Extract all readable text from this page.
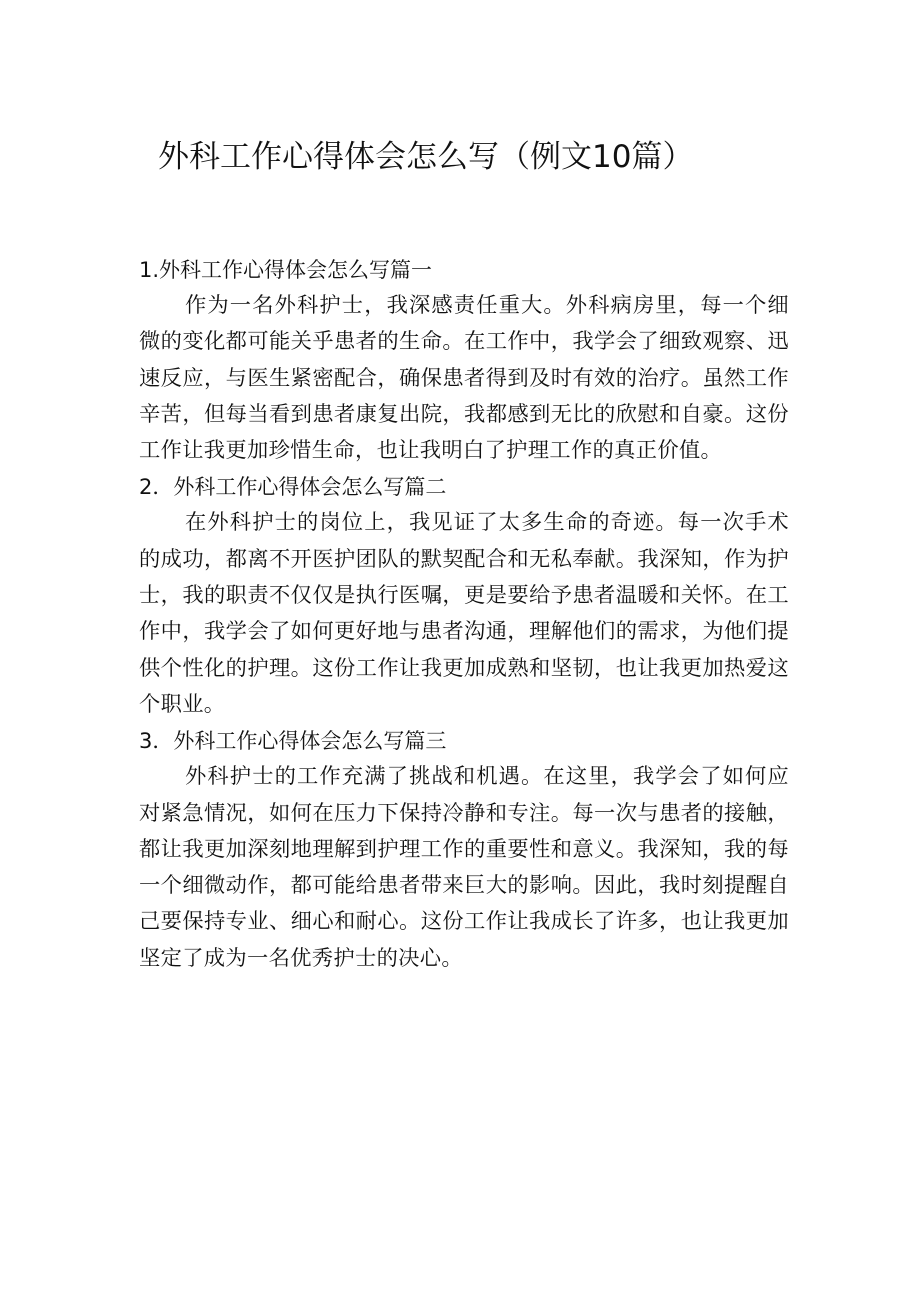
外科工作心得体会怎么写（例文10篇）

1.外科工作心得体会怎么写篇一

作为一名外科护士，我深感责任重大。外科病房里，每一个细微的变化都可能关乎患者的生命。在工作中，我学会了细致观察、迅速反应，与医生紧密配合，确保患者得到及时有效的治疗。虽然工作辛苦，但每当看到患者康复出院，我都感到无比的欣慰和自豪。这份工作让我更加珍惜生命，也让我明白了护理工作的真正价值。

2．外科工作心得体会怎么写篇二

在外科护士的岗位上，我见证了太多生命的奇迹。每一次手术的成功，都离不开医护团队的默契配合和无私奉献。我深知，作为护士，我的职责不仅仅是执行医嘱，更是要给予患者温暖和关怀。在工作中，我学会了如何更好地与患者沟通，理解他们的需求，为他们提供个性化的护理。这份工作让我更加成熟和坚韧，也让我更加热爱这个职业。

3．外科工作心得体会怎么写篇三

外科护士的工作充满了挑战和机遇。在这里，我学会了如何应对紧急情况，如何在压力下保持冷静和专注。每一次与患者的接触，都让我更加深刻地理解到护理工作的重要性和意义。我深知，我的每一个细微动作，都可能给患者带来巨大的影响。因此，我时刻提醒自己要保持专业、细心和耐心。这份工作让我成长了许多，也让我更加坚定了成为一名优秀护士的决心。
